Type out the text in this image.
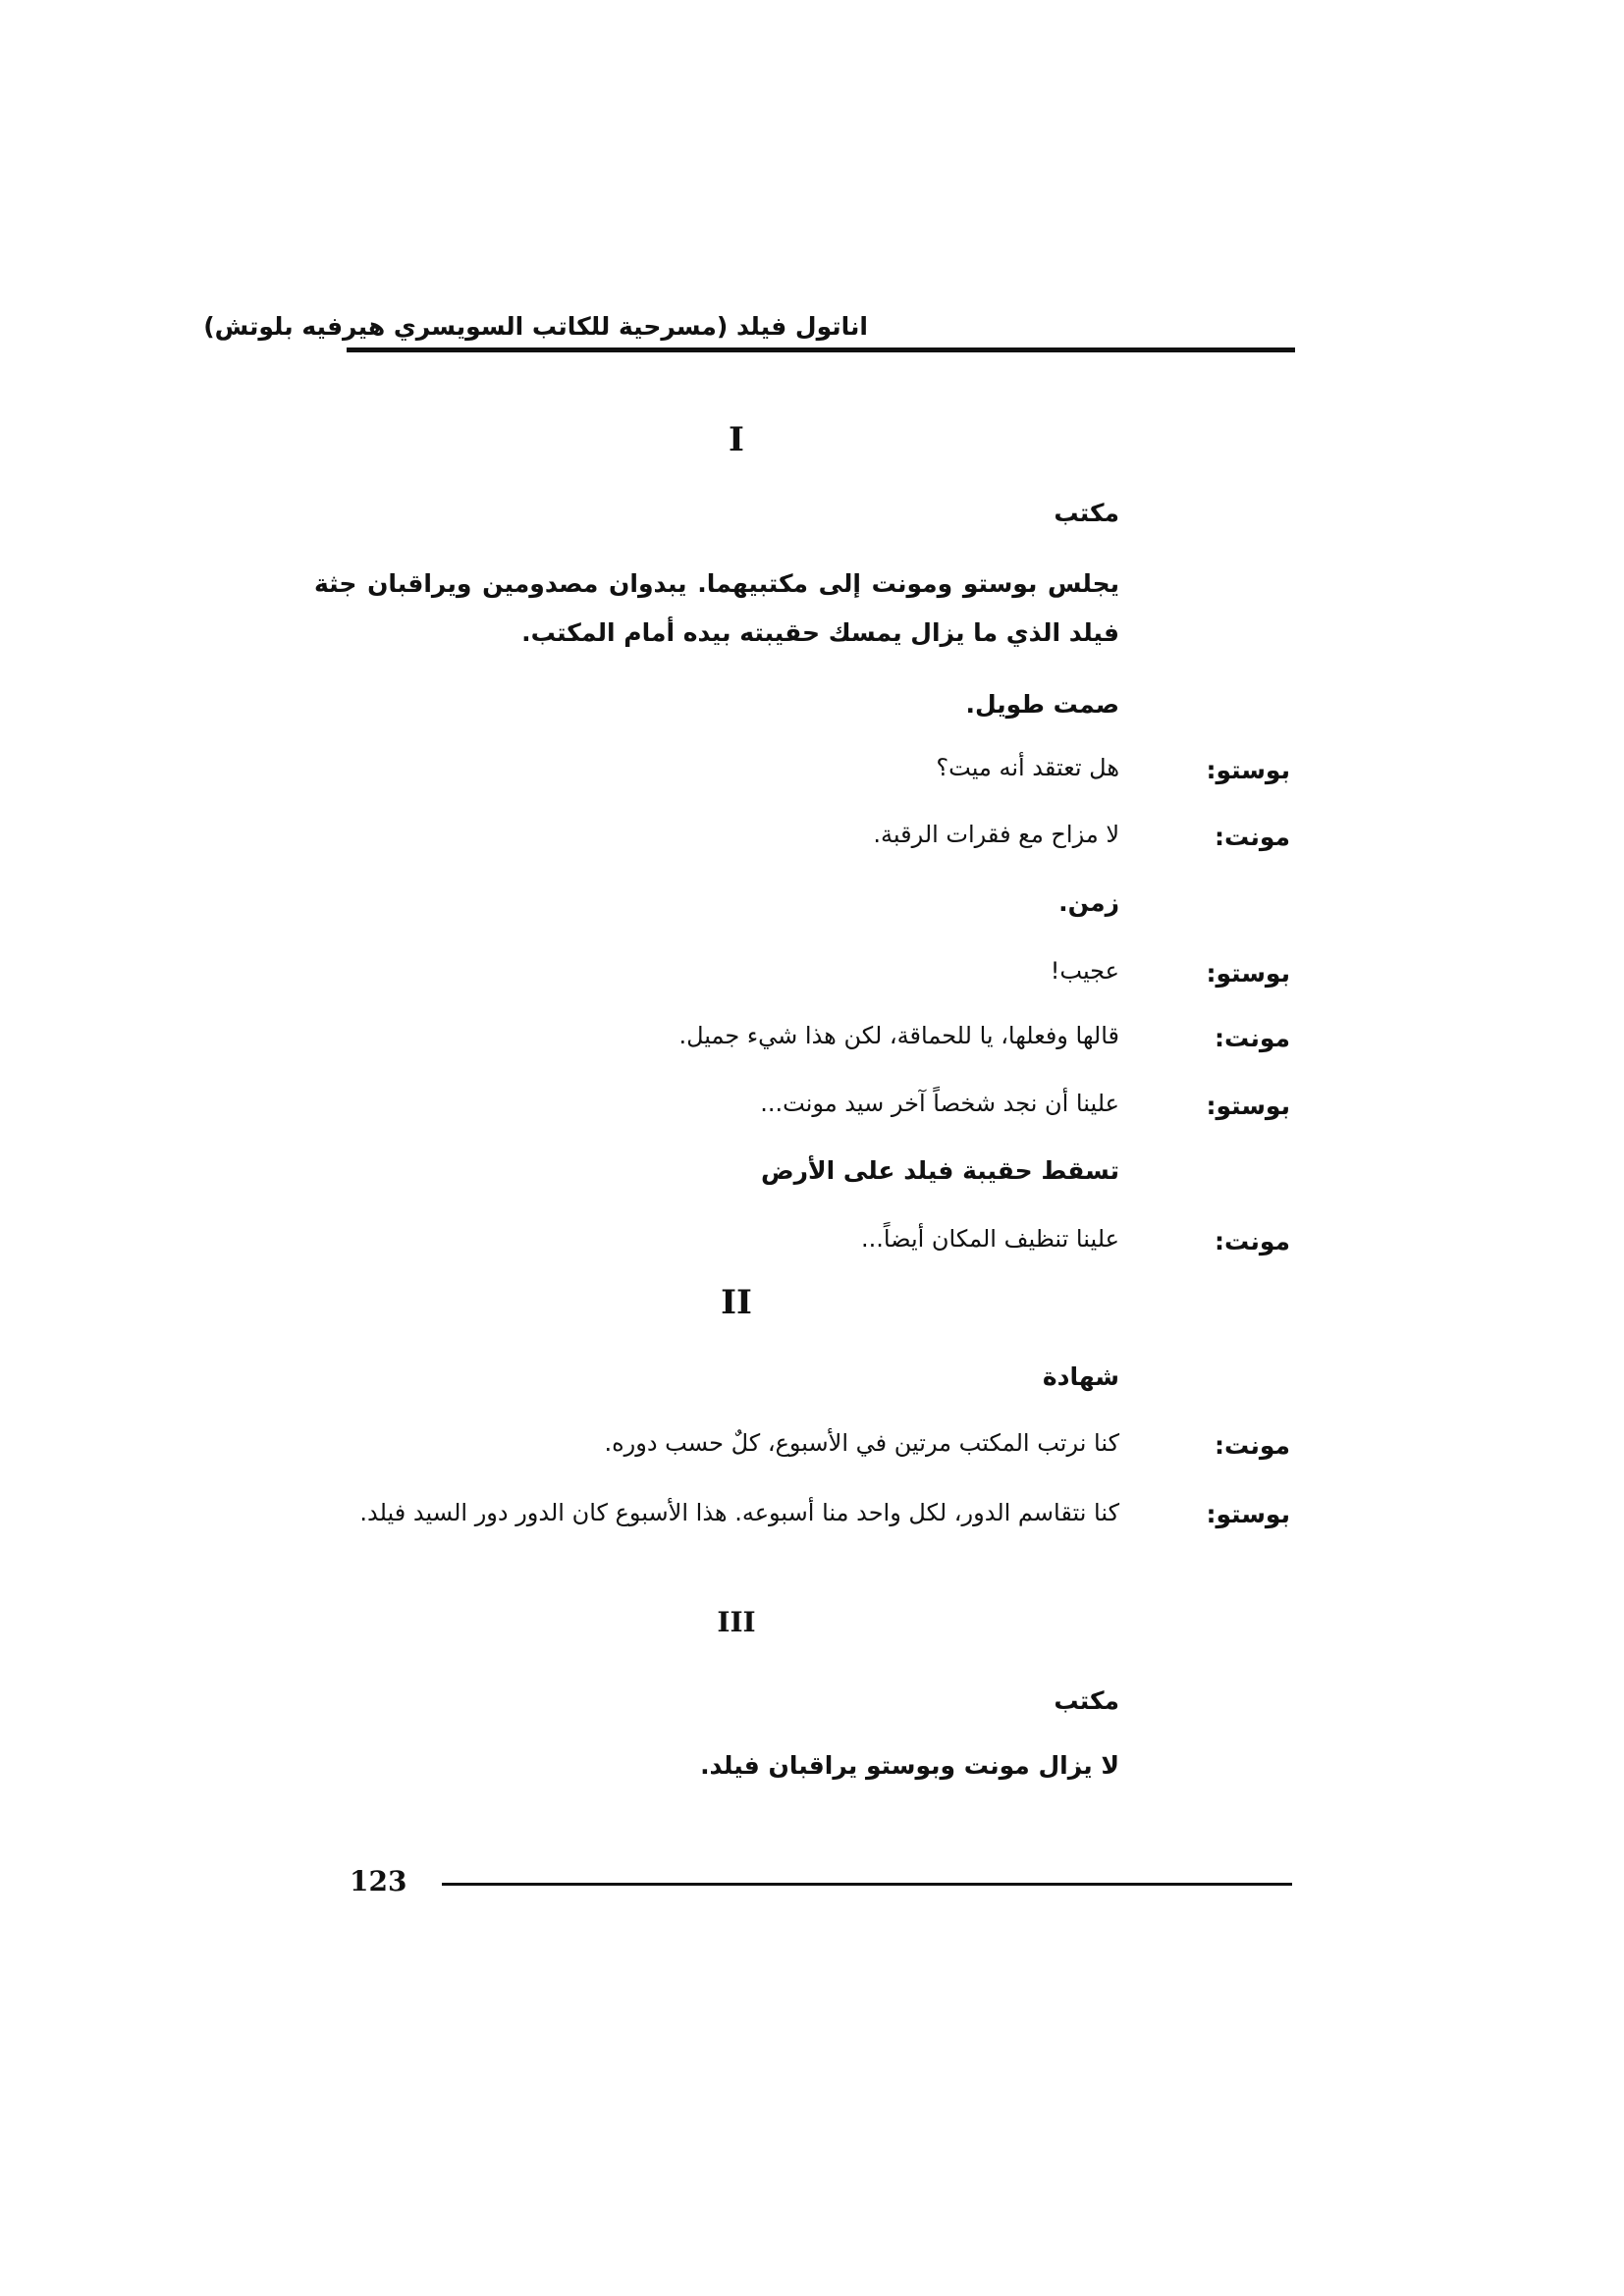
اناتول فيلد (مسرحية للكاتب السويسري هيرفيه بلوتش)
I
مكتب
يجلس بوستو ومونت إلى مكتبيهما. يبدوان مصدومين ويراقبان جثة فيلد الذي ما يزال يمسك حقيبته بيده أمام المكتب.
صمت طويل.
بوستو:
هل تعتقد أنه ميت؟
مونت:
لا مزاح مع فقرات الرقبة.
زمن.
بوستو:
عجيب!
مونت:
قالها وفعلها، يا للحماقة، لكن هذا شيء جميل.
بوستو:
علينا أن نجد شخصاً آخر سيد مونت...
تسقط حقيبة فيلد على الأرض
مونت:
علينا تنظيف المكان أيضاً...
II
شهادة
مونت:
كنا نرتب المكتب مرتين في الأسبوع، كلٌ حسب دوره.
بوستو:
كنا نتقاسم الدور، لكل واحد منا أسبوعه. هذا الأسبوع كان الدور دور السيد فيلد.
III
مكتب
لا يزال مونت وبوستو يراقبان فيلد.
123
